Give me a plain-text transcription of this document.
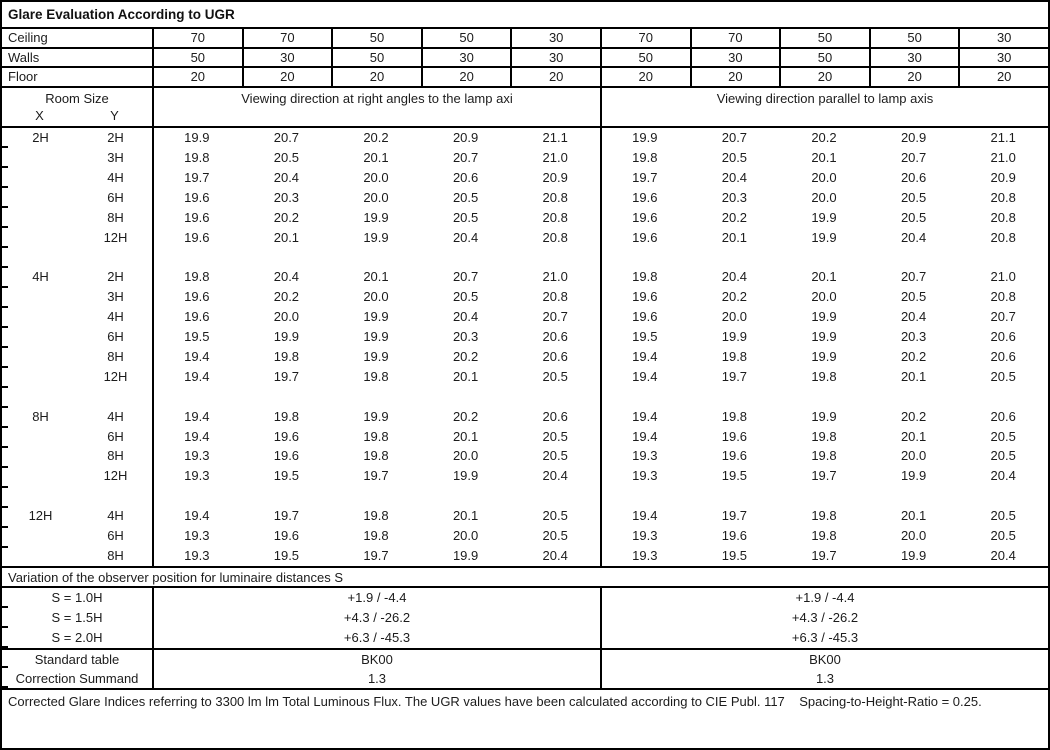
Glare Evaluation According to UGR
Ceiling	70	70	50	50	30	70	70	50	50	30
Walls	50	30	50	30	30	50	30	50	30	30
Floor	20	20	20	20	20	20	20	20	20	20
Room Size
X	Y
Viewing direction at right angles to the lamp axi	Viewing direction parallel to lamp axis
2H	2H	19.9	20.7	20.2	20.9	21.1	19.9	20.7	20.2	20.9	21.1
3H	19.8	20.5	20.1	20.7	21.0	19.8	20.5	20.1	20.7	21.0
4H	19.7	20.4	20.0	20.6	20.9	19.7	20.4	20.0	20.6	20.9
6H	19.6	20.3	20.0	20.5	20.8	19.6	20.3	20.0	20.5	20.8
8H	19.6	20.2	19.9	20.5	20.8	19.6	20.2	19.9	20.5	20.8
12H	19.6	20.1	19.9	20.4	20.8	19.6	20.1	19.9	20.4	20.8
4H	2H	19.8	20.4	20.1	20.7	21.0	19.8	20.4	20.1	20.7	21.0
3H	19.6	20.2	20.0	20.5	20.8	19.6	20.2	20.0	20.5	20.8
4H	19.6	20.0	19.9	20.4	20.7	19.6	20.0	19.9	20.4	20.7
6H	19.5	19.9	19.9	20.3	20.6	19.5	19.9	19.9	20.3	20.6
8H	19.4	19.8	19.9	20.2	20.6	19.4	19.8	19.9	20.2	20.6
12H	19.4	19.7	19.8	20.1	20.5	19.4	19.7	19.8	20.1	20.5
8H	4H	19.4	19.8	19.9	20.2	20.6	19.4	19.8	19.9	20.2	20.6
6H	19.4	19.6	19.8	20.1	20.5	19.4	19.6	19.8	20.1	20.5
8H	19.3	19.6	19.8	20.0	20.5	19.3	19.6	19.8	20.0	20.5
12H	19.3	19.5	19.7	19.9	20.4	19.3	19.5	19.7	19.9	20.4
12H	4H	19.4	19.7	19.8	20.1	20.5	19.4	19.7	19.8	20.1	20.5
6H	19.3	19.6	19.8	20.0	20.5	19.3	19.6	19.8	20.0	20.5
8H	19.3	19.5	19.7	19.9	20.4	19.3	19.5	19.7	19.9	20.4
Variation of the observer position for luminaire distances S
S = 1.0H	+1.9 / -4.4	+1.9 / -4.4
S = 1.5H	+4.3 / -26.2	+4.3 / -26.2
S = 2.0H	+6.3 / -45.3	+6.3 / -45.3
Standard table	BK00	BK00
Correction Summand	1.3	1.3
Corrected Glare Indices referring to 3300 lm lm Total Luminous Flux. The UGR values have been calculated according to CIE Publ. 117    Spacing-to-Height-Ratio = 0.25.
